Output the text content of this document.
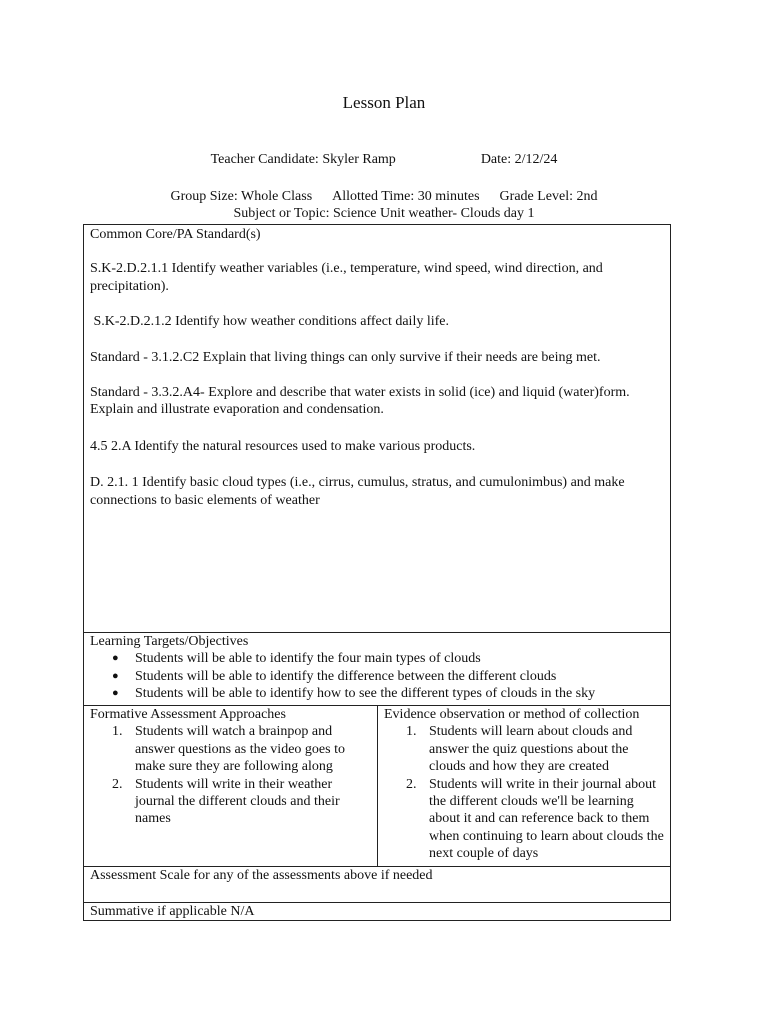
Lesson Plan
Teacher Candidate: Skyler Ramp	Date: 2/12/24
Group Size: Whole Class Allotted Time: 30 minutes Grade Level: 2nd
Subject or Topic: Science Unit weather- Clouds day 1

Common Core/PA Standard(s)

S.K-2.D.2.1.1 Identify weather variables (i.e., temperature, wind speed, wind direction, and precipitation).

S.K-2.D.2.1.2 Identify how weather conditions affect daily life.

Standard - 3.1.2.C2 Explain that living things can only survive if their needs are being met.

Standard - 3.3.2.A4- Explore and describe that water exists in solid (ice) and liquid (water)form. Explain and illustrate evaporation and condensation.

4.5 2.A Identify the natural resources used to make various products.

D. 2.1. 1 Identify basic cloud types (i.e., cirrus, cumulus, stratus, and cumulonimbus) and make connections to basic elements of weather

Learning Targets/Objectives

● Students will be able to identify the four main types of clouds
● Students will be able to identify the difference between the different clouds
● Students will be able to identify how to see the different types of clouds in the sky

Formative Assessment Approaches

1. Students will watch a brainpop and answer questions as the video goes to make sure they are following along
2. Students will write in their weather journal the different clouds and their names

Evidence observation or method of collection

1. Students will learn about clouds and answer the quiz questions about the clouds and how they are created
2. Students will write in their journal about the different clouds we'll be learning about it and can reference back to them when continuing to learn about clouds the next couple of days

Assessment Scale for any of the assessments above if needed

Summative if applicable N/A
